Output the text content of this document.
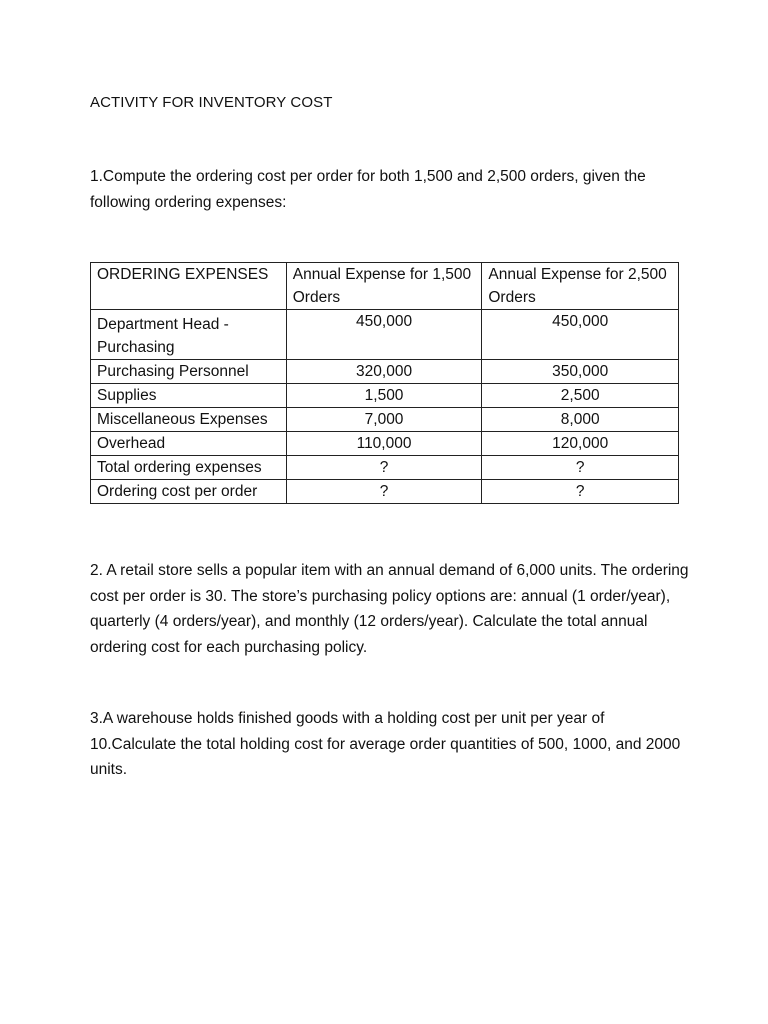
ACTIVITY FOR INVENTORY COST
1.Compute the ordering cost per order for both 1,500 and 2,500 orders, given the following ordering expenses:
ORDERING EXPENSES	Annual Expense for 1,500 Orders	Annual Expense for 2,500 Orders
Department Head - Purchasing	450,000	450,000
Purchasing Personnel	320,000	350,000
Supplies	1,500	2,500
Miscellaneous Expenses	7,000	8,000
Overhead	110,000	120,000
Total ordering expenses	?	?
Ordering cost per order	?	?
2. A retail store sells a popular item with an annual demand of 6,000 units. The ordering cost per order is 30. The store’s purchasing policy options are: annual (1 order/year), quarterly (4 orders/year), and monthly (12 orders/year). Calculate the total annual ordering cost for each purchasing policy.
3.A warehouse holds finished goods with a holding cost per unit per year of 10.Calculate the total holding cost for average order quantities of 500, 1000, and 2000 units.
